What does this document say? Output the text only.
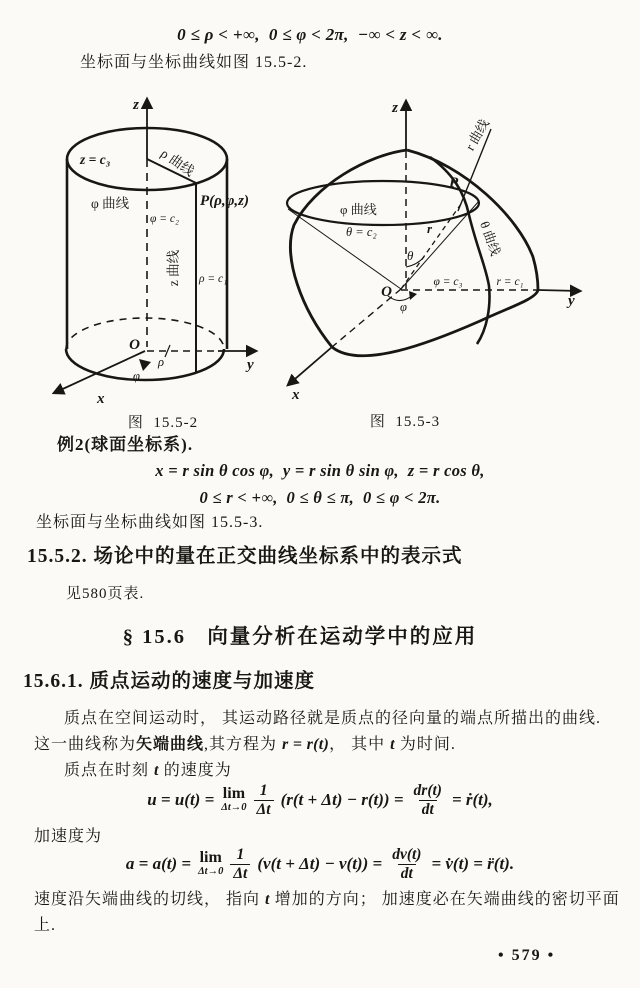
0 ≤ ρ < +∞,  0 ≤ φ < 2π,  −∞ < z < ∞.
坐标面与坐标曲线如图 15.5-2.
z
z = c₃	ρ 曲线
φ 曲线
φ = c₂
P(ρ,φ,z)
z 曲线 ρ = c₁
O
ρ
φ
y
x
z
r 曲线
P
φ 曲线
θ = c₂	r
θ	θ 曲线
O
φ
φ = c₃	r = c₁
y
x
图  15.5-2	图  15.5-3
例2(球面坐标系).
x = r sin θ cos φ,  y = r sin θ sin φ,  z = r cos θ,
0 ≤ r < +∞,  0 ≤ θ ≤ π,  0 ≤ φ < 2π.
坐标面与坐标曲线如图 15.5-3.
15.5.2. 场论中的量在正交曲线坐标系中的表示式
见580页表.
§ 15.6   向量分析在运动学中的应用
15.6.1. 质点运动的速度与加速度
质点在空间运动时， 其运动路径就是质点的径向量的端点所描出的曲线.
这一曲线称为矢端曲线,其方程为 r = r(t)， 其中 t 为时间.
质点在时刻 t 的速度为
u = u(t) = lim
$\Delta t\to 0 \frac{1}{\Delta t} (r(t + \Delta t) - r(t)) = \frac{dr(t)}{dt}$ = ṙ(t),
加速度为
a = a(t) = lim
$\Delta t\to 0 \frac{1}{\Delta t} (v(t + \Delta t) - v(t)) = \frac{dv(t)}{dt}$ = v̇(t) = r̈(t).
速度沿矢端曲线的切线， 指向 t 增加的方向； 加速度必在矢端曲线的密切平面
上.
• 579 •
